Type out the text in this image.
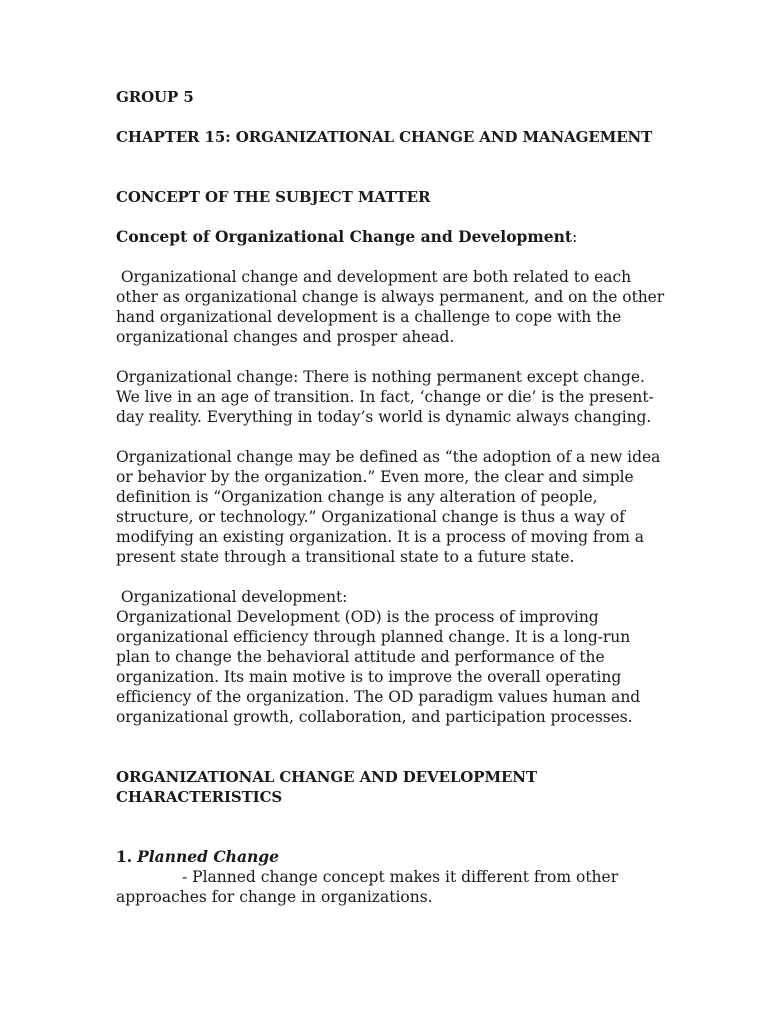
GROUP 5

CHAPTER 15: ORGANIZATIONAL CHANGE AND MANAGEMENT

CONCEPT OF THE SUBJECT MATTER

Concept of Organizational Change and Development:

Organizational change and development are both related to each

other as organizational change is always permanent, and on the other

hand organizational development is a challenge to cope with the

organizational changes and prosper ahead.

Organizational change: There is nothing permanent except change.

We live in an age of transition. In fact, ‘change or die’ is the present-

day reality. Everything in today’s world is dynamic always changing.

Organizational change may be defined as “the adoption of a new idea

or behavior by the organization.” Even more, the clear and simple

definition is “Organization change is any alteration of people,

structure, or technology.” Organizational change is thus a way of

modifying an existing organization. It is a process of moving from a

present state through a transitional state to a future state.

Organizational development:

Organizational Development (OD) is the process of improving

organizational efficiency through planned change. It is a long-run

plan to change the behavioral attitude and performance of the

organization. Its main motive is to improve the overall operating

efficiency of the organization. The OD paradigm values human and

organizational growth, collaboration, and participation processes.

ORGANIZATIONAL CHANGE AND DEVELOPMENT

CHARACTERISTICS

1. Planned Change

- Planned change concept makes it different from other

approaches for change in organizations.
